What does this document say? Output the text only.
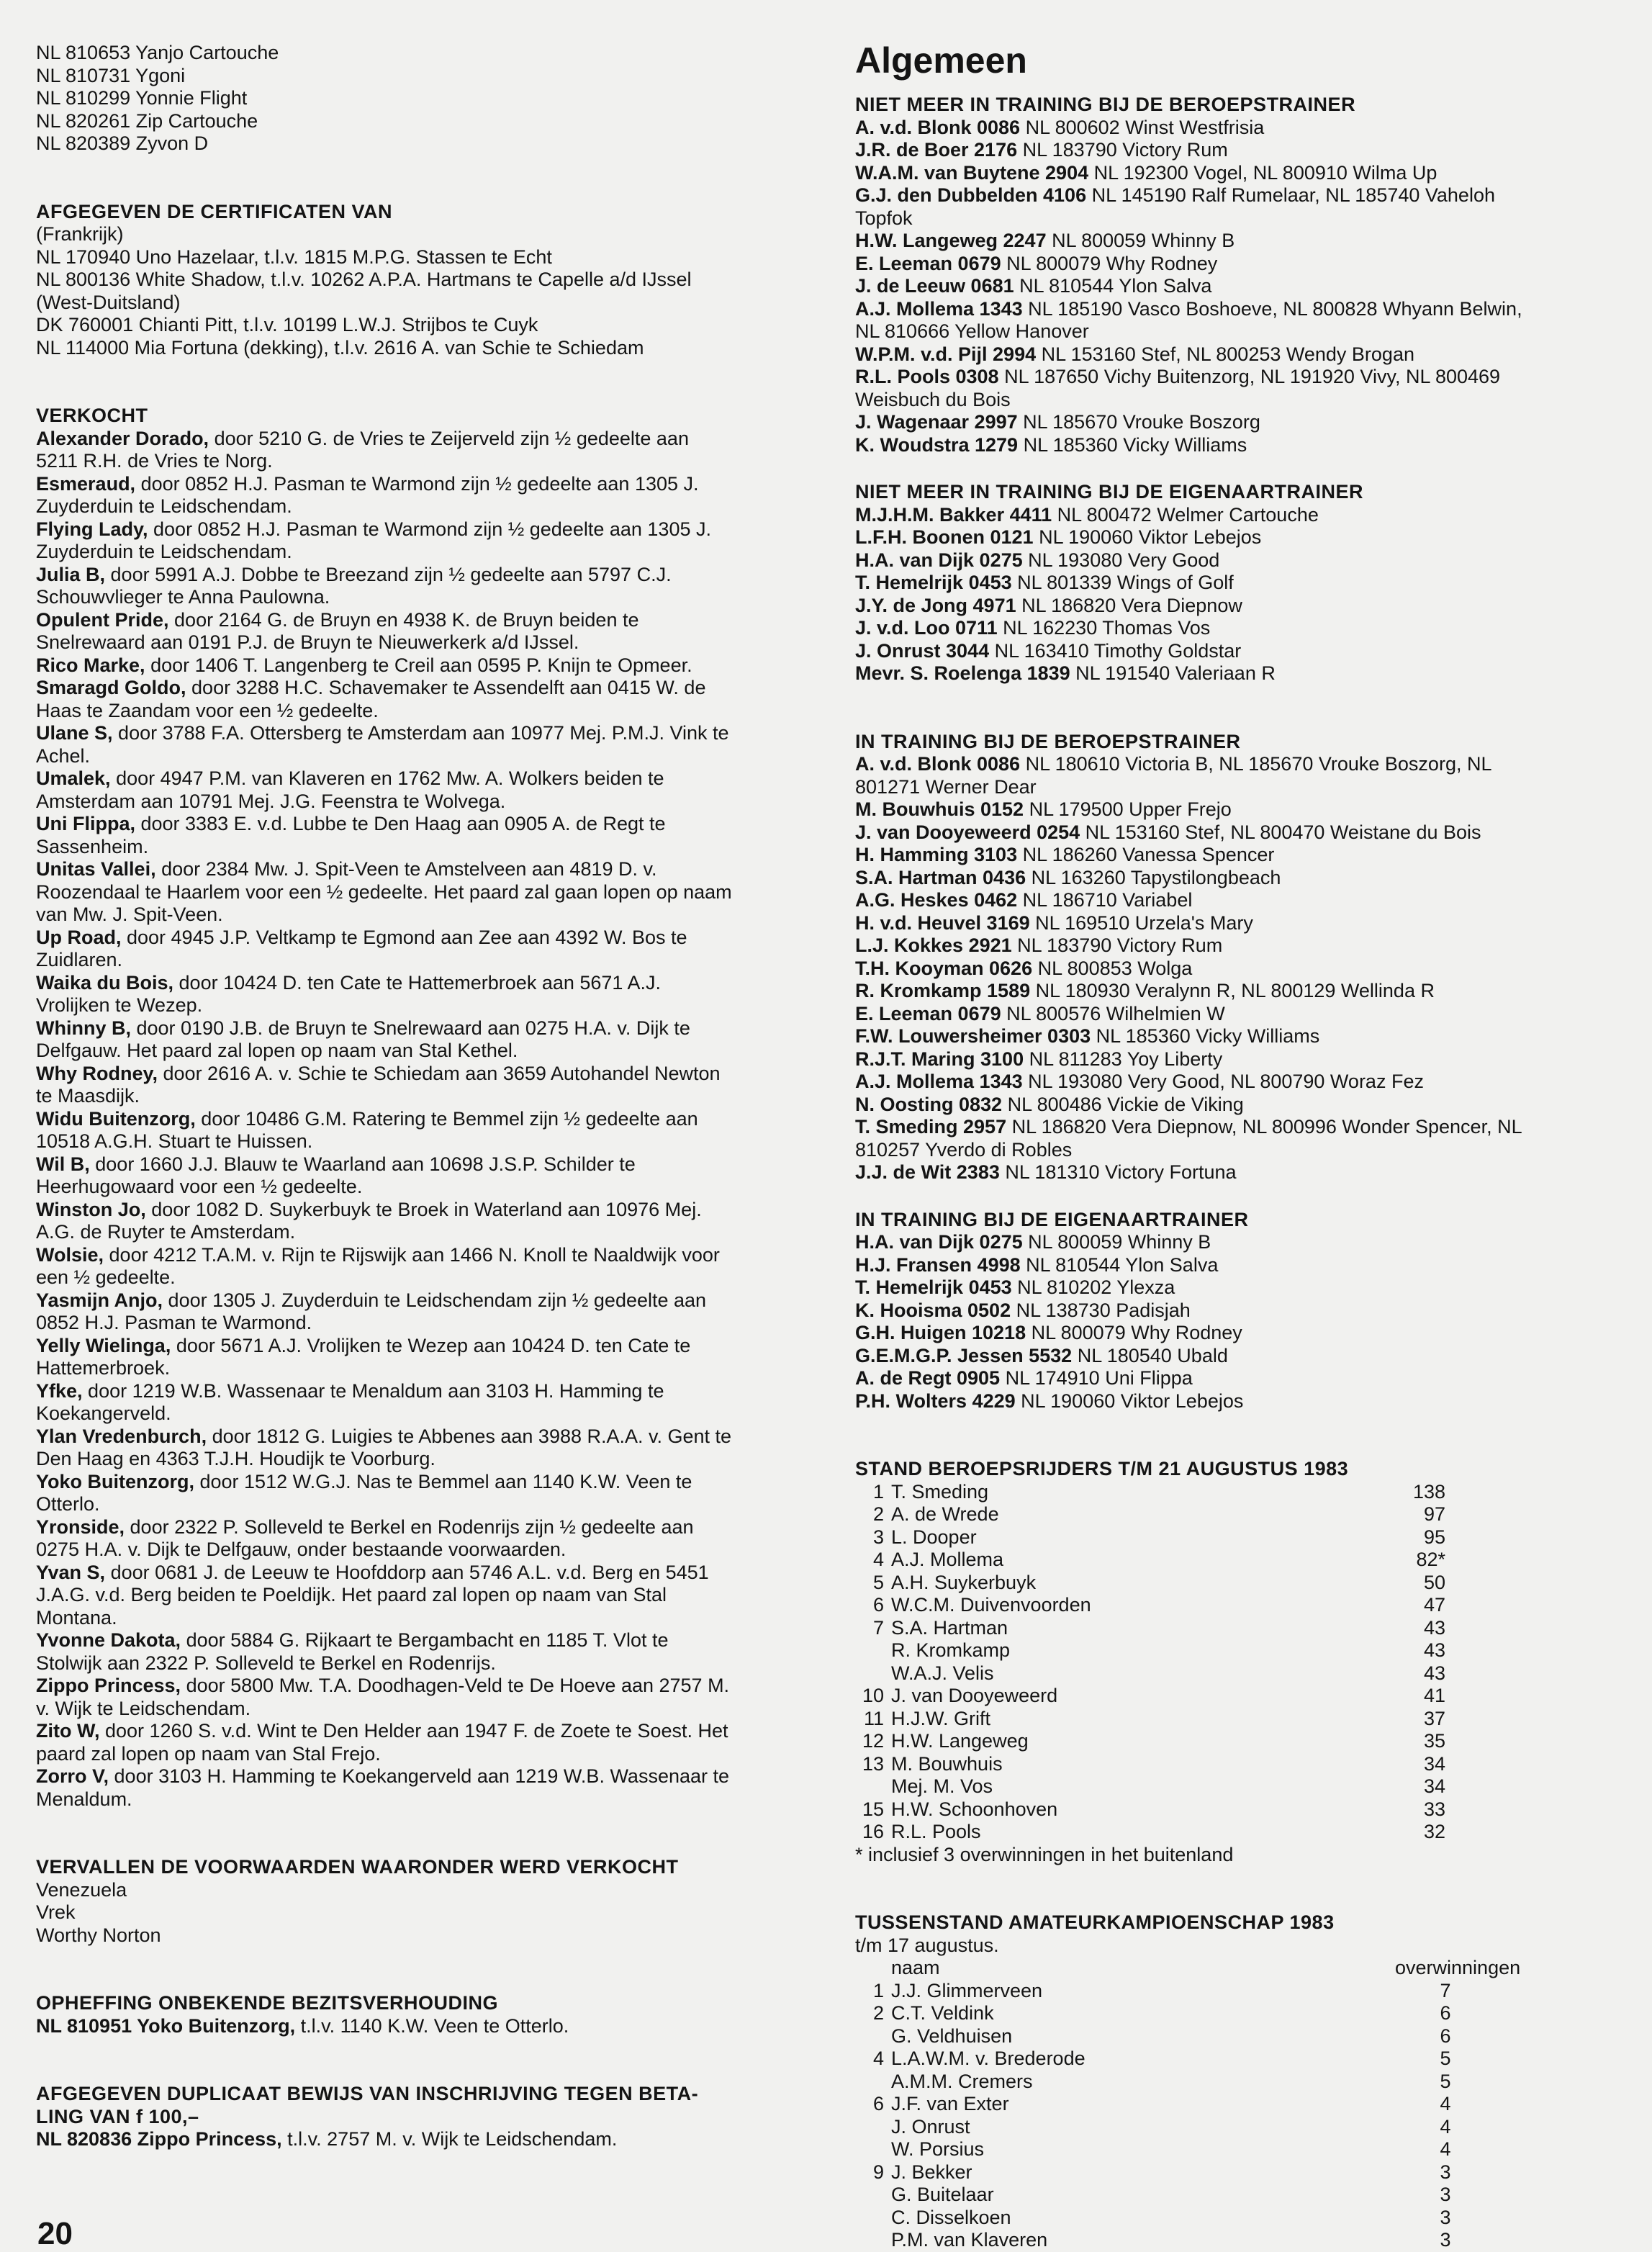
NL 810653 Yanjo Cartouche
NL 810731 Ygoni
NL 810299 Yonnie Flight
NL 820261 Zip Cartouche
NL 820389 Zyvon D
AFGEGEVEN DE CERTIFICATEN VAN
(Frankrijk)
NL 170940 Uno Hazelaar, t.l.v. 1815 M.P.G. Stassen te Echt
NL 800136 White Shadow, t.l.v. 10262 A.P.A. Hartmans te Capelle a/d IJssel
(West-Duitsland)
DK 760001 Chianti Pitt, t.l.v. 10199 L.W.J. Strijbos te Cuyk
NL 114000 Mia Fortuna (dekking), t.l.v. 2616 A. van Schie te Schiedam
VERKOCHT
Alexander Dorado, door 5210 G. de Vries te Zeijerveld zijn ½ gedeelte aan
5211 R.H. de Vries te Norg.
Esmeraud, door 0852 H.J. Pasman te Warmond zijn ½ gedeelte aan 1305 J.
Zuyderduin te Leidschendam.
Flying Lady, door 0852 H.J. Pasman te Warmond zijn ½ gedeelte aan 1305 J.
Zuyderduin te Leidschendam.
Julia B, door 5991 A.J. Dobbe te Breezand zijn ½ gedeelte aan 5797 C.J.
Schouwvlieger te Anna Paulowna.
Opulent Pride, door 2164 G. de Bruyn en 4938 K. de Bruyn beiden te
Snelrewaard aan 0191 P.J. de Bruyn te Nieuwerkerk a/d IJssel.
Rico Marke, door 1406 T. Langenberg te Creil aan 0595 P. Knijn te Opmeer.
Smaragd Goldo, door 3288 H.C. Schavemaker te Assendelft aan 0415 W. de
Haas te Zaandam voor een ½ gedeelte.
Ulane S, door 3788 F.A. Ottersberg te Amsterdam aan 10977 Mej. P.M.J. Vink te
Achel.
Umalek, door 4947 P.M. van Klaveren en 1762 Mw. A. Wolkers beiden te
Amsterdam aan 10791 Mej. J.G. Feenstra te Wolvega.
Uni Flippa, door 3383 E. v.d. Lubbe te Den Haag aan 0905 A. de Regt te
Sassenheim.
Unitas Vallei, door 2384 Mw. J. Spit-Veen te Amstelveen aan 4819 D. v.
Roozendaal te Haarlem voor een ½ gedeelte. Het paard zal gaan lopen op naam
van Mw. J. Spit-Veen.
Up Road, door 4945 J.P. Veltkamp te Egmond aan Zee aan 4392 W. Bos te
Zuidlaren.
Waika du Bois, door 10424 D. ten Cate te Hattemerbroek aan 5671 A.J.
Vrolijken te Wezep.
Whinny B, door 0190 J.B. de Bruyn te Snelrewaard aan 0275 H.A. v. Dijk te
Delfgauw. Het paard zal lopen op naam van Stal Kethel.
Why Rodney, door 2616 A. v. Schie te Schiedam aan 3659 Autohandel Newton
te Maasdijk.
Widu Buitenzorg, door 10486 G.M. Ratering te Bemmel zijn ½ gedeelte aan
10518 A.G.H. Stuart te Huissen.
Wil B, door 1660 J.J. Blauw te Waarland aan 10698 J.S.P. Schilder te
Heerhugowaard voor een ½ gedeelte.
Winston Jo, door 1082 D. Suykerbuyk te Broek in Waterland aan 10976 Mej.
A.G. de Ruyter te Amsterdam.
Wolsie, door 4212 T.A.M. v. Rijn te Rijswijk aan 1466 N. Knoll te Naaldwijk voor
een ½ gedeelte.
Yasmijn Anjo, door 1305 J. Zuyderduin te Leidschendam zijn ½ gedeelte aan
0852 H.J. Pasman te Warmond.
Yelly Wielinga, door 5671 A.J. Vrolijken te Wezep aan 10424 D. ten Cate te
Hattemerbroek.
Yfke, door 1219 W.B. Wassenaar te Menaldum aan 3103 H. Hamming te
Koekangerveld.
Ylan Vredenburch, door 1812 G. Luigies te Abbenes aan 3988 R.A.A. v. Gent te
Den Haag en 4363 T.J.H. Houdijk te Voorburg.
Yoko Buitenzorg, door 1512 W.G.J. Nas te Bemmel aan 1140 K.W. Veen te
Otterlo.
Yronside, door 2322 P. Solleveld te Berkel en Rodenrijs zijn ½ gedeelte aan
0275 H.A. v. Dijk te Delfgauw, onder bestaande voorwaarden.
Yvan S, door 0681 J. de Leeuw te Hoofddorp aan 5746 A.L. v.d. Berg en 5451
J.A.G. v.d. Berg beiden te Poeldijk. Het paard zal lopen op naam van Stal
Montana.
Yvonne Dakota, door 5884 G. Rijkaart te Bergambacht en 1185 T. Vlot te
Stolwijk aan 2322 P. Solleveld te Berkel en Rodenrijs.
Zippo Princess, door 5800 Mw. T.A. Doodhagen-Veld te De Hoeve aan 2757 M.
v. Wijk te Leidschendam.
Zito W, door 1260 S. v.d. Wint te Den Helder aan 1947 F. de Zoete te Soest. Het
paard zal lopen op naam van Stal Frejo.
Zorro V, door 3103 H. Hamming te Koekangerveld aan 1219 W.B. Wassenaar te
Menaldum.
VERVALLEN DE VOORWAARDEN WAARONDER WERD VERKOCHT
Venezuela
Vrek
Worthy Norton
OPHEFFING ONBEKENDE BEZITSVERHOUDING
NL 810951 Yoko Buitenzorg, t.l.v. 1140 K.W. Veen te Otterlo.
AFGEGEVEN DUPLICAAT BEWIJS VAN INSCHRIJVING TEGEN BETA-
LING VAN f 100,–
NL 820836 Zippo Princess, t.l.v. 2757 M. v. Wijk te Leidschendam.
Algemeen
NIET MEER IN TRAINING BIJ DE BEROEPSTRAINER
A. v.d. Blonk 0086 NL 800602 Winst Westfrisia
J.R. de Boer 2176 NL 183790 Victory Rum
W.A.M. van Buytene 2904 NL 192300 Vogel, NL 800910 Wilma Up
G.J. den Dubbelden 4106 NL 145190 Ralf Rumelaar, NL 185740 Vaheloh
Topfok
H.W. Langeweg 2247 NL 800059 Whinny B
E. Leeman 0679 NL 800079 Why Rodney
J. de Leeuw 0681 NL 810544 Ylon Salva
A.J. Mollema 1343 NL 185190 Vasco Boshoeve, NL 800828 Whyann Belwin,
NL 810666 Yellow Hanover
W.P.M. v.d. Pijl 2994 NL 153160 Stef, NL 800253 Wendy Brogan
R.L. Pools 0308 NL 187650 Vichy Buitenzorg, NL 191920 Vivy, NL 800469
Weisbuch du Bois
J. Wagenaar 2997 NL 185670 Vrouke Boszorg
K. Woudstra 1279 NL 185360 Vicky Williams
NIET MEER IN TRAINING BIJ DE EIGENAARTRAINER
M.J.H.M. Bakker 4411 NL 800472 Welmer Cartouche
L.F.H. Boonen 0121 NL 190060 Viktor Lebejos
H.A. van Dijk 0275 NL 193080 Very Good
T. Hemelrijk 0453 NL 801339 Wings of Golf
J.Y. de Jong 4971 NL 186820 Vera Diepnow
J. v.d. Loo 0711 NL 162230 Thomas Vos
J. Onrust 3044 NL 163410 Timothy Goldstar
Mevr. S. Roelenga 1839 NL 191540 Valeriaan R
IN TRAINING BIJ DE BEROEPSTRAINER
A. v.d. Blonk 0086 NL 180610 Victoria B, NL 185670 Vrouke Boszorg, NL
801271 Werner Dear
M. Bouwhuis 0152 NL 179500 Upper Frejo
J. van Dooyeweerd 0254 NL 153160 Stef, NL 800470 Weistane du Bois
H. Hamming 3103 NL 186260 Vanessa Spencer
S.A. Hartman 0436 NL 163260 Tapystilongbeach
A.G. Heskes 0462 NL 186710 Variabel
H. v.d. Heuvel 3169 NL 169510 Urzela's Mary
L.J. Kokkes 2921 NL 183790 Victory Rum
T.H. Kooyman 0626 NL 800853 Wolga
R. Kromkamp 1589 NL 180930 Veralynn R, NL 800129 Wellinda R
E. Leeman 0679 NL 800576 Wilhelmien W
F.W. Louwersheimer 0303 NL 185360 Vicky Williams
R.J.T. Maring 3100 NL 811283 Yoy Liberty
A.J. Mollema 1343 NL 193080 Very Good, NL 800790 Woraz Fez
N. Oosting 0832 NL 800486 Vickie de Viking
T. Smeding 2957 NL 186820 Vera Diepnow, NL 800996 Wonder Spencer, NL
810257 Yverdo di Robles
J.J. de Wit 2383 NL 181310 Victory Fortuna
IN TRAINING BIJ DE EIGENAARTRAINER
H.A. van Dijk 0275 NL 800059 Whinny B
H.J. Fransen 4998 NL 810544 Ylon Salva
T. Hemelrijk 0453 NL 810202 Ylexza
K. Hooisma 0502 NL 138730 Padisjah
G.H. Huigen 10218 NL 800079 Why Rodney
G.E.M.G.P. Jessen 5532 NL 180540 Ubald
A. de Regt 0905 NL 174910 Uni Flippa
P.H. Wolters 4229 NL 190060 Viktor Lebejos
STAND BEROEPSRIJDERS T/M 21 AUGUSTUS 1983
1 T. Smeding	138
2 A. de Wrede	97
3 L. Dooper	95
4 A.J. Mollema	82*
5 A.H. Suykerbuyk	50
6 W.C.M. Duivenvoorden	47
7 S.A. Hartman	43
R. Kromkamp	43
W.A.J. Velis	43
10 J. van Dooyeweerd	41
11 H.J.W. Grift	37
12 H.W. Langeweg	35
13 M. Bouwhuis	34
Mej. M. Vos	34
15 H.W. Schoonhoven	33
16 R.L. Pools	32
* inclusief 3 overwinningen in het buitenland
TUSSENSTAND AMATEURKAMPIOENSCHAP 1983
t/m 17 augustus.
naam	overwinningen
1 J.J. Glimmerveen	7
2 C.T. Veldink	6
G. Veldhuisen	6
4 L.A.W.M. v. Brederode	5
A.M.M. Cremers	5
6 J.F. van Exter	4
J. Onrust	4
W. Porsius	4
9 J. Bekker	3
G. Buitelaar	3
C. Disselkoen	3
P.M. van Klaveren	3
20
